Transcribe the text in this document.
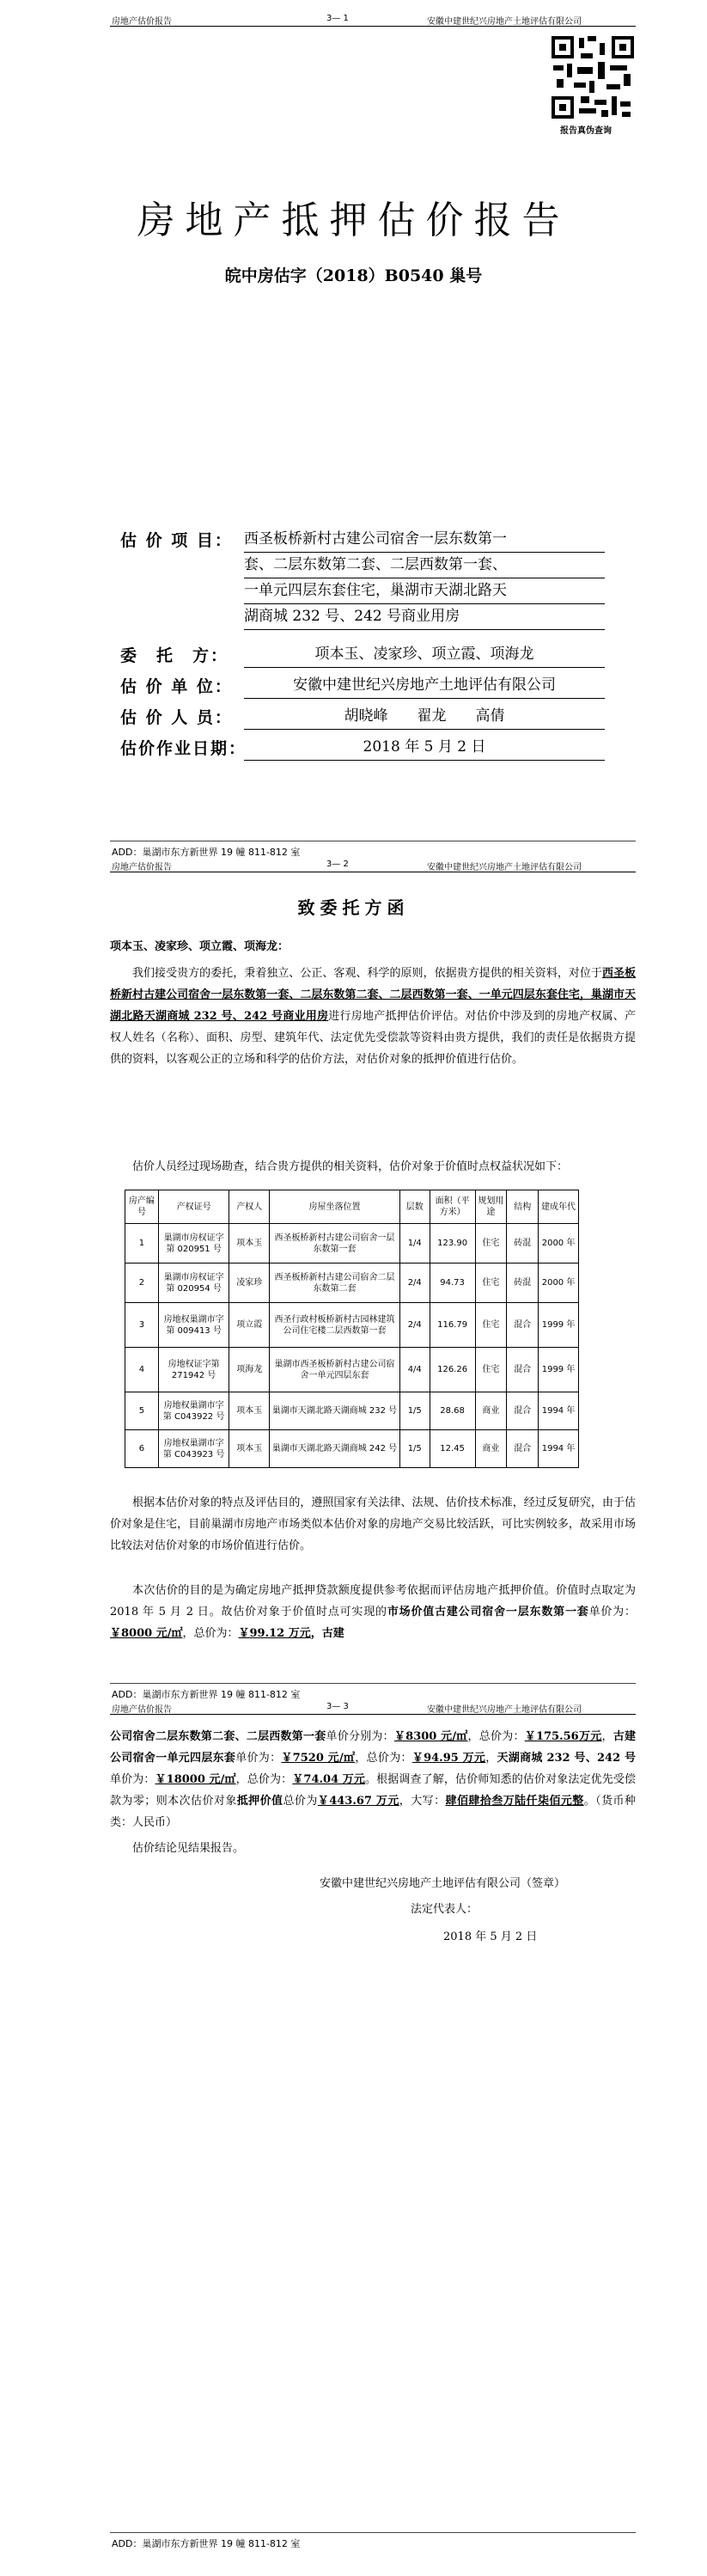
房地产估价报告	3— 1	安徽中建世纪兴房地产土地评估有限公司
报告真伪查询
房地产抵押估价报告
皖中房估字（2018）B0540 巢号
估 价 项 目： 西圣板桥新村古建公司宿舍一层东数第一
套、二层东数第二套、二层西数第一套、
一单元四层东套住宅，巢湖市天湖北路天
湖商城 232 号、242 号商业用房
委　托　方：	项本玉、凌家珍、项立霞、项海龙
估 价 单 位：	安徽中建世纪兴房地产土地评估有限公司
估 价 人 员：	胡晓峰　　翟龙　　高倩
估价作业日期：	2018 年 5 月 2 日
ADD：巢湖市东方新世界 19 幢 811-812 室
房地产估价报告	3— 2	安徽中建世纪兴房地产土地评估有限公司
致委托方函
项本玉、凌家珍、项立霞、项海龙：
我们接受贵方的委托，秉着独立、公正、客观、科学的原则，依据贵方提供的相关资料，对位于西圣板桥新村古建公司宿舍一层东数第一套、二层东数第二套、二层西数第一套、一单元四层东套住宅，巢湖市天湖北路天湖商城 232 号、242 号商业用房进行房地产抵押估价评估。对估价中涉及到的房地产权属、产权人姓名（名称）、面积、房型、建筑年代、法定优先受偿款等资料由贵方提供，我们的责任是依据贵方提供的资料，以客观公正的立场和科学的估价方法，对估价对象的抵押价值进行估价。
估价人员经过现场勘查，结合贵方提供的相关资料，估价对象于价值时点权益状况如下：
房产编号	产权证号	产权人	房屋坐落位置	层数	面积（平方米）	规划用途	结构	建成年代
1	巢湖市房权证字第 020951 号	项本玉	西圣板桥新村古建公司宿舍一层东数第一套	1/4	123.90	住宅	砖混	2000 年
2	巢湖市房权证字第 020954 号	凌家珍	西圣板桥新村古建公司宿舍二层东数第二套	2/4	94.73	住宅	砖混	2000 年
3	房地权巢湖市字第 009413 号	项立霞	西圣行政村板桥新村古园林建筑公司住宅楼二层西数第一套	2/4	116.79	住宅	混合	1999 年
4	房地权证字第 271942 号	项海龙	巢湖市西圣板桥新村古建公司宿舍一单元四层东套	4/4	126.26	住宅	混合	1999 年
5	房地权巢湖市字第 C043922 号	项本玉	巢湖市天湖北路天湖商城 232 号	1/5	28.68	商业	混合	1994 年
6	房地权巢湖市字第 C043923 号	项本玉	巢湖市天湖北路天湖商城 242 号	1/5	12.45	商业	混合	1994 年
根据本估价对象的特点及评估目的，遵照国家有关法律、法规、估价技术标准，经过反复研究，由于估价对象是住宅，目前巢湖市房地产市场类似本估价对象的房地产交易比较活跃，可比实例较多，故采用市场比较法对估价对象的市场价值进行估价。
本次估价的目的是为确定房地产抵押贷款额度提供参考依据而评估房地产抵押价值。价值时点取定为 2018 年 5 月 2 日。故估价对象于价值时点可实现的市场价值古建公司宿舍一层东数第一套单价为：￥8000 元/㎡，总价为：￥99.12 万元，古建
ADD：巢湖市东方新世界 19 幢 811-812 室
房地产估价报告	3— 3	安徽中建世纪兴房地产土地评估有限公司
公司宿舍二层东数第二套、二层西数第一套单价分别为：￥8300 元/㎡，总价为：￥175.56万元，古建公司宿舍一单元四层东套单价为：￥7520 元/㎡，总价为：￥94.95 万元，天湖商城 232 号、242 号单价为：￥18000 元/㎡，总价为：￥74.04 万元。根据调查了解，估价师知悉的估价对象法定优先受偿款为零；则本次估价对象抵押价值总价为￥443.67 万元，大写：肆佰肆拾叁万陆仟柒佰元整。（货币种类：人民币）
估价结论见结果报告。
安徽中建世纪兴房地产土地评估有限公司（签章）
法定代表人：
2018 年 5 月 2 日
ADD：巢湖市东方新世界 19 幢 811-812 室
